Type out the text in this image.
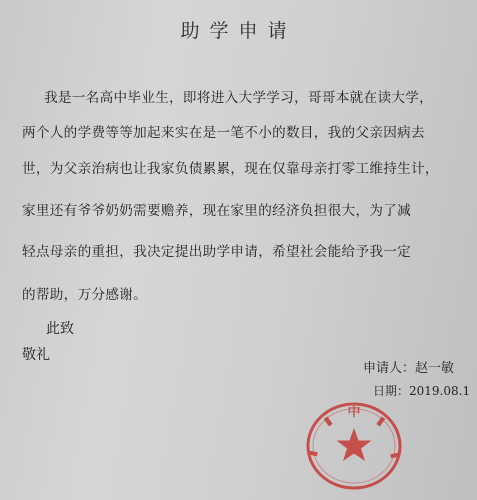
助学申请
我是一名高中毕业生，即将进入大学学习，哥哥本就在读大学，
两个人的学费等等加起来实在是一笔不小的数目，我的父亲因病去
世，为父亲治病也让我家负债累累，现在仅靠母亲打零工维持生计，
家里还有爷爷奶奶需要赡养，现在家里的经济负担很大，为了减
轻点母亲的重担，我决定提出助学申请，希望社会能给予我一定
的帮助，万分感谢。
此致
敬礼
申请人：赵一敏
日期：2019.08.1
中
▮	▮
▮	▮
